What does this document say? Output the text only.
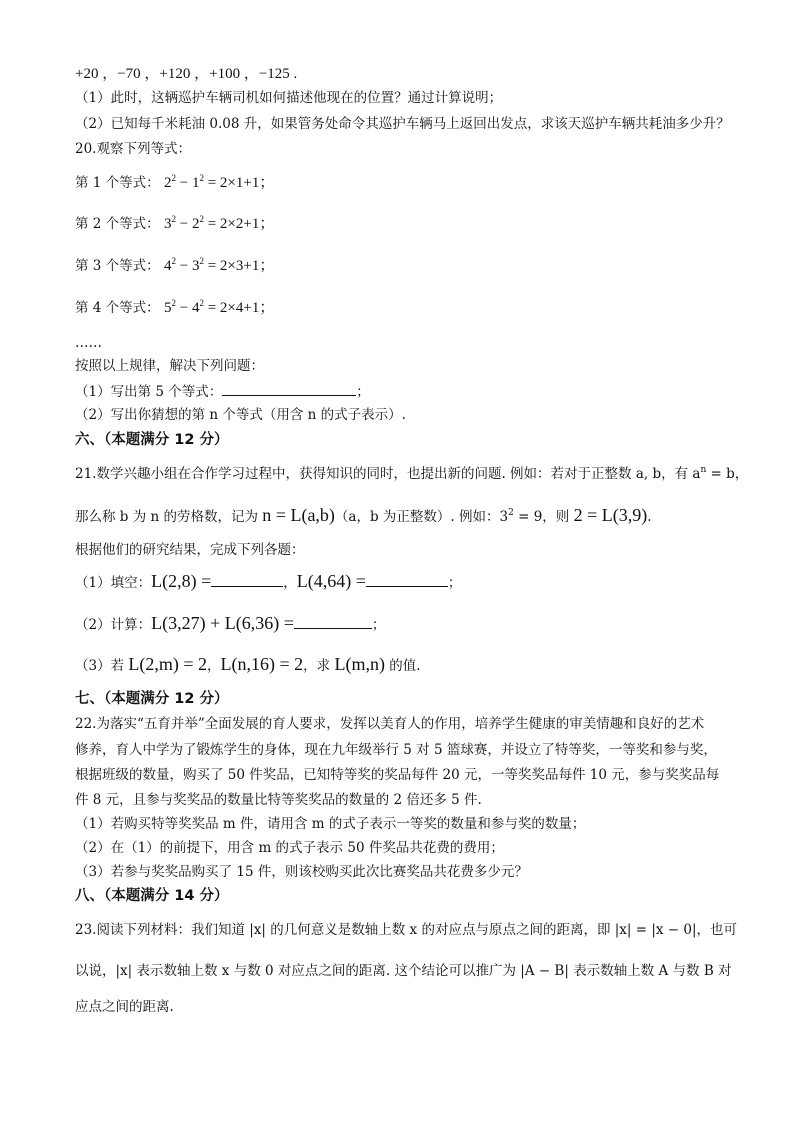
+20 ，−70 ，+120 ，+100 ，−125 .
（1）此时，这辆巡护车辆司机如何描述他现在的位置？通过计算说明；
（2）已知每千米耗油 0.08 升，如果管务处命令其巡护车辆马上返回出发点，求该天巡护车辆共耗油多少升？
20.观察下列等式：
第 1 个等式： $2^2 - 1^2 = 2\times 1+1$；
第 2 个等式： $3^2 - 2^2 = 2\times 2+1$；
第 3 个等式： $4^2 - 3^2 = 2\times 3+1$；
第 4 个等式： $5^2 - 4^2 = 2\times 4+1$；
……
按照以上规律，解决下列问题：
（1）写出第 5 个等式：	；
（2）写出你猜想的第 n 个等式（用含 n 的式子表示）.
六、（本题满分 12 分）
21.数学兴趣小组在合作学习过程中，获得知识的同时，也提出新的问题. 例如：若对于正整数 a, b，有 $a^n = b$，
那么称 b 为 n 的劳格数，记为 n = L(a,b)（a，b 为正整数）. 例如：$3^2 = 9$，则 2 = L(3,9).
根据他们的研究结果，完成下列各题：
（1）填空：L(2,8) =	，L(4,64) =	；
（2）计算：L(3,27) + L(6,36) =	；
（3）若 L(2,m) = 2，L(n,16) = 2，求 L(m,n) 的值.
七、（本题满分 12 分）
22.为落实“五育并举”全面发展的育人要求，发挥以美育人的作用，培养学生健康的审美情趣和良好的艺术
修养，育人中学为了锻炼学生的身体，现在九年级举行 5 对 5 篮球赛，并设立了特等奖，一等奖和参与奖，
根据班级的数量，购买了 50 件奖品，已知特等奖的奖品每件 20 元，一等奖奖品每件 10 元，参与奖奖品每
件 8 元，且参与奖奖品的数量比特等奖奖品的数量的 2 倍还多 5 件.
（1）若购买特等奖奖品 m 件，请用含 m 的式子表示一等奖的数量和参与奖的数量；
（2）在（1）的前提下，用含 m 的式子表示 50 件奖品共花费的费用；
（3）若参与奖奖品购买了 15 件，则该校购买此次比赛奖品共花费多少元？
八、（本题满分 14 分）
23.阅读下列材料：我们知道 |x| 的几何意义是数轴上数 x 的对应点与原点之间的距离，即 |x| = |x − 0|，也可
以说，|x| 表示数轴上数 x 与数 0 对应点之间的距离. 这个结论可以推广为 |A − B| 表示数轴上数 A 与数 B 对
应点之间的距离.
